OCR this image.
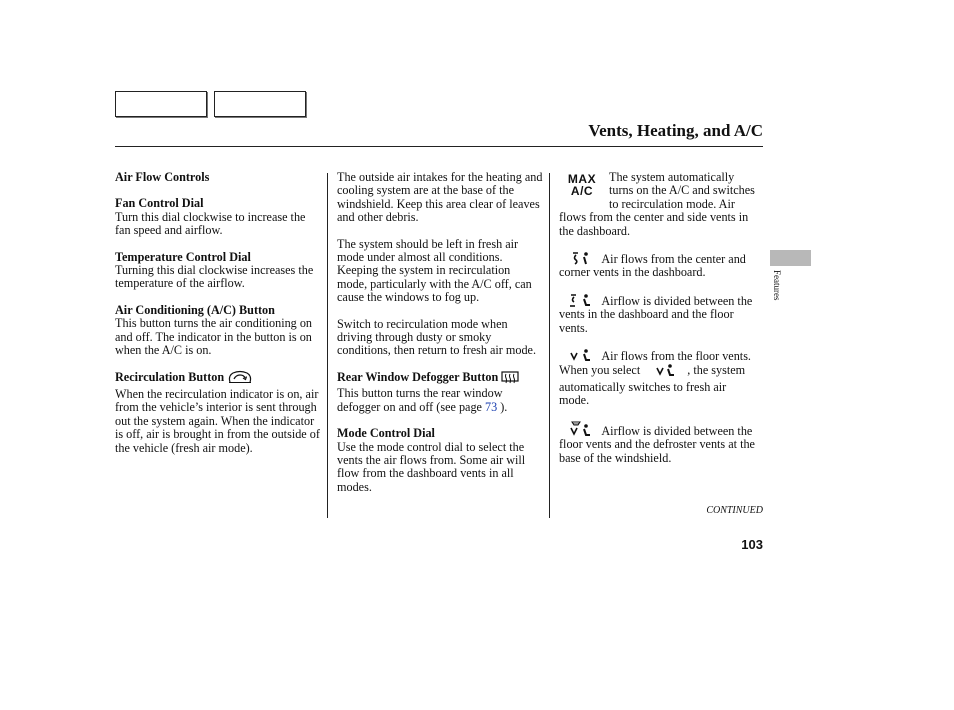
Vents, Heating, and A/C
Air Flow Controls
Fan Control Dial
Turn this dial clockwise to increase the fan speed and airflow.
Temperature Control Dial
Turning this dial clockwise increases the temperature of the airflow.
Air Conditioning (A/C) Button
This button turns the air conditioning on and off. The indicator in the button is on when the A/C is on.
Recirculation Button
When the recirculation indicator is on, air from the vehicle’s interior is sent through out the system again. When the indicator is off, air is brought in from the outside of the vehicle (fresh air mode).
The outside air intakes for the heating and cooling system are at the base of the windshield. Keep this area clear of leaves and other debris.
The system should be left in fresh air mode under almost all conditions. Keeping the system in recirculation mode, particularly with the A/C off, can cause the windows to fog up.
Switch to recirculation mode when driving through dusty or smoky conditions, then return to fresh air mode.
Rear Window Defogger Button
This button turns the rear window defogger on and off (see page 73 ).
Mode Control Dial
Use the mode control dial to select the vents the air flows from. Some air will flow from the dashboard vents in all modes.
MAX
A/C
The system automatically turns on the A/C and switches to recirculation mode. Air flows from the center and side vents in the dashboard.
Air flows from the center and corner vents in the dashboard.
Airflow is divided between the vents in the dashboard and the floor vents.
Air flows from the floor vents. When you select	, the system automatically switches to fresh air mode.
Airflow is divided between the floor vents and the defroster vents at the base of the windshield.
Features
CONTINUED
103
